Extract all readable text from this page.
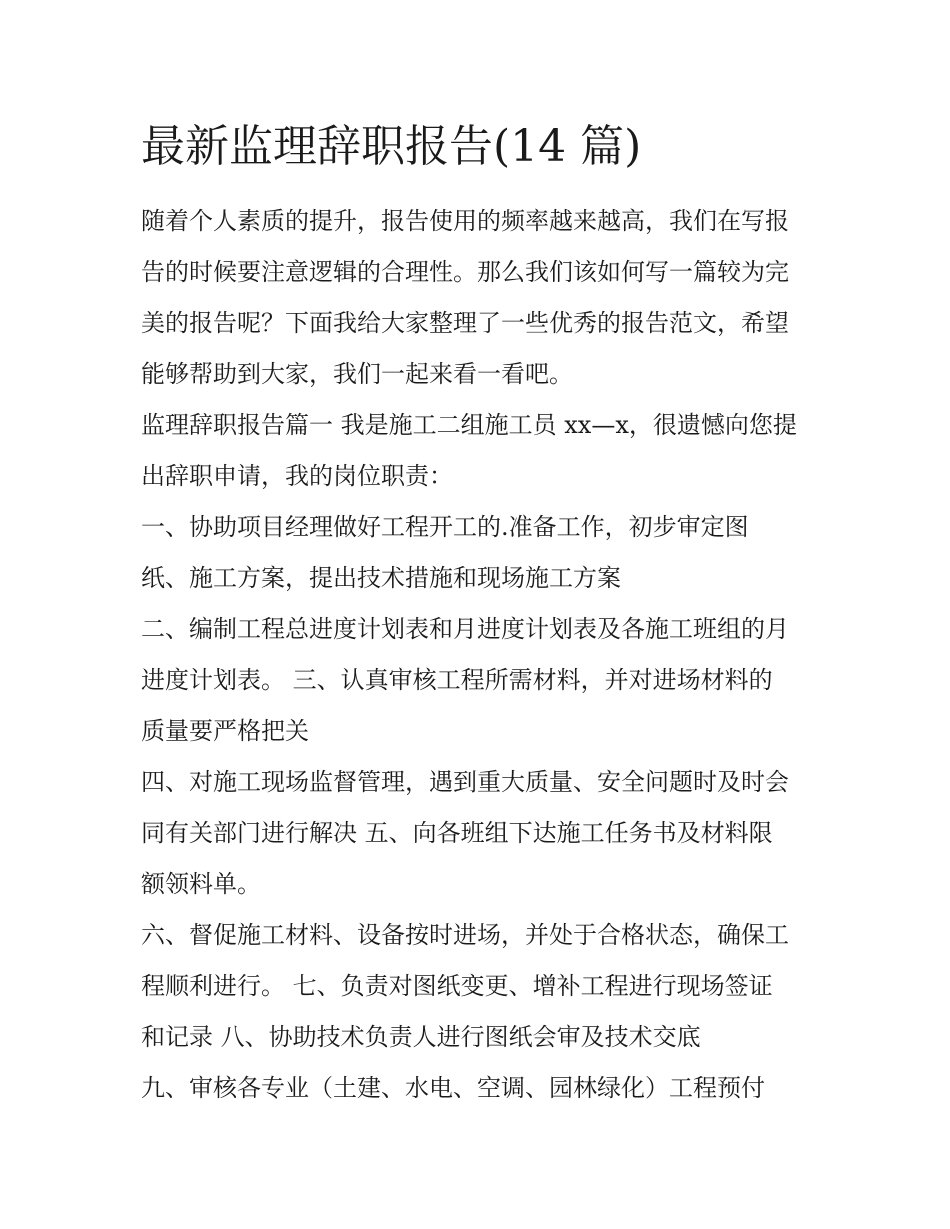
最新监理辞职报告(14 篇)
随着个人素质的提升，报告使用的频率越来越高，我们在写报
告的时候要注意逻辑的合理性。那么我们该如何写一篇较为完
美的报告呢？下面我给大家整理了一些优秀的报告范文，希望
能够帮助到大家，我们一起来看一看吧。
监理辞职报告篇一 我是施工二组施工员 xx—x，很遗憾向您提
出辞职申请，我的岗位职责：
一、协助项目经理做好工程开工的.准备工作，初步审定图
纸、施工方案，提出技术措施和现场施工方案
二、编制工程总进度计划表和月进度计划表及各施工班组的月
进度计划表。 三、认真审核工程所需材料，并对进场材料的
质量要严格把关
四、对施工现场监督管理，遇到重大质量、安全问题时及时会
同有关部门进行解决 五、向各班组下达施工任务书及材料限
额领料单。
六、督促施工材料、设备按时进场，并处于合格状态，确保工
程顺利进行。 七、负责对图纸变更、增补工程进行现场签证
和记录 八、协助技术负责人进行图纸会审及技术交底
九、审核各专业（土建、水电、空调、园林绿化）工程预付
